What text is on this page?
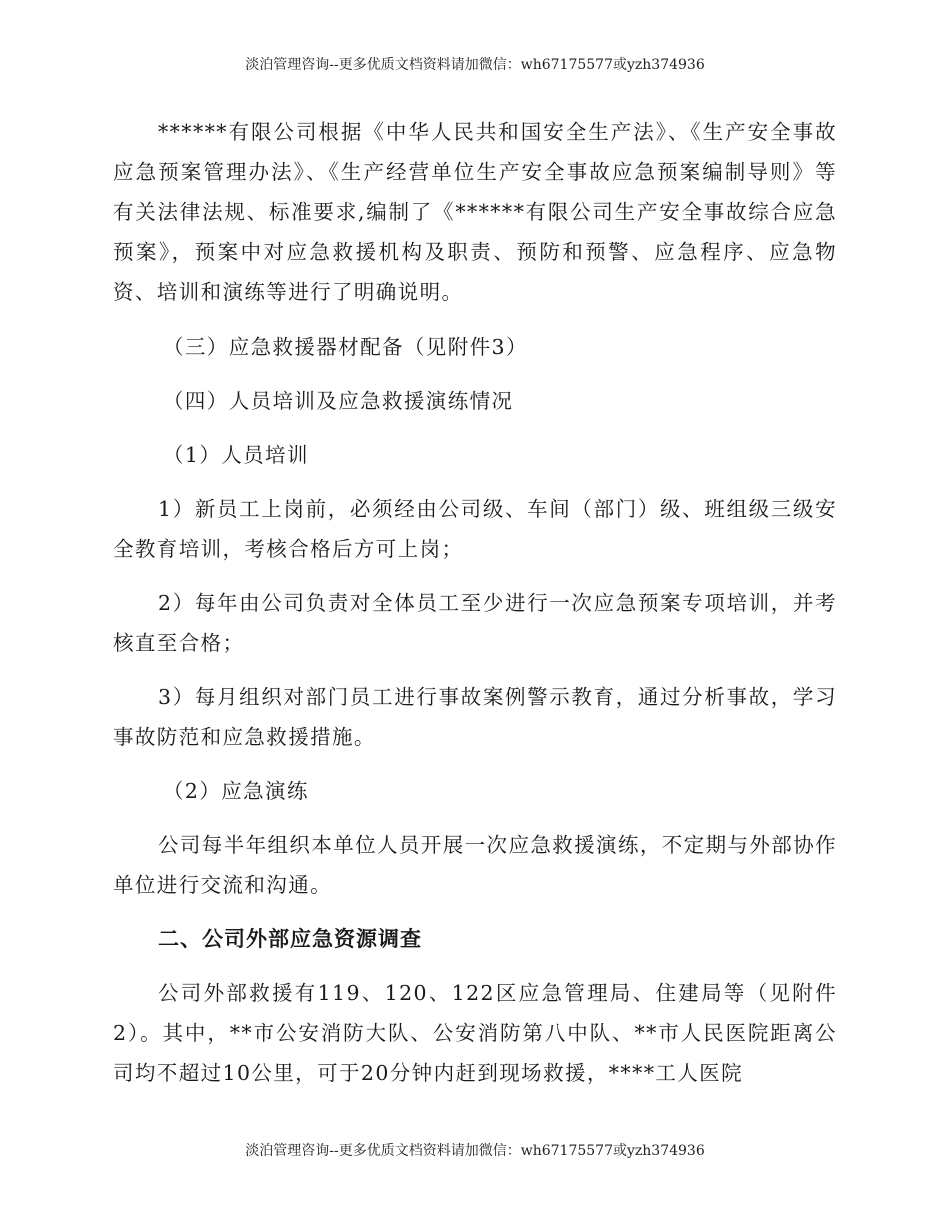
淡泊管理咨询--更多优质文档资料请加微信：wh67175577或yzh374936

******有限公司根据《中华人民共和国安全生产法》、《生产安全事故应急预案管理办法》、《生产经营单位生产安全事故应急预案编制导则》等有关法律法规、标准要求,编制了《******有限公司生产安全事故综合应急预案》，预案中对应急救援机构及职责、预防和预警、应急程序、应急物资、培训和演练等进行了明确说明。

（三）应急救援器材配备（见附件3）

（四）人员培训及应急救援演练情况

（1）人员培训

1）新员工上岗前，必须经由公司级、车间（部门）级、班组级三级安全教育培训，考核合格后方可上岗；

2）每年由公司负责对全体员工至少进行一次应急预案专项培训，并考核直至合格；

3）每月组织对部门员工进行事故案例警示教育，通过分析事故，学习事故防范和应急救援措施。

（2）应急演练

公司每半年组织本单位人员开展一次应急救援演练，不定期与外部协作单位进行交流和沟通。

二、公司外部应急资源调查

公司外部救援有119、120、122区应急管理局、住建局等（见附件2）。其中，**市公安消防大队、公安消防第八中队、**市人民医院距离公司均不超过10公里，可于20分钟内赶到现场救援，****工人医院

淡泊管理咨询--更多优质文档资料请加微信：wh67175577或yzh374936
